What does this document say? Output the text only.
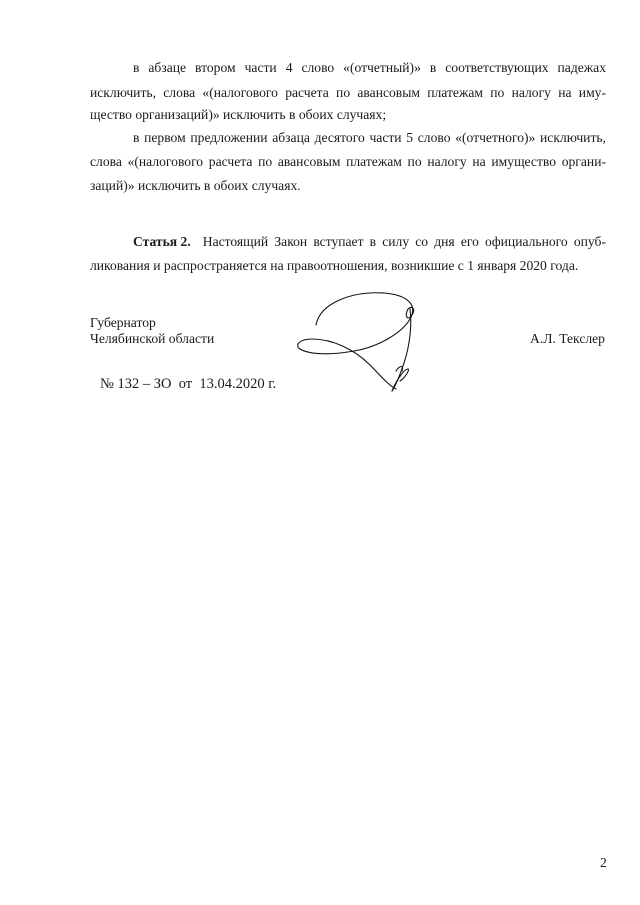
в абзаце втором части 4 слово «(отчетный)» в соответствующих падежах
исключить, слова «(налогового расчета по авансовым платежам по налогу на иму-
щество организаций)» исключить в обоих случаях;
в первом предложении абзаца десятого части 5 слово «(отчетного)» исключить,
слова «(налогового расчета по авансовым платежам по налогу на имущество органи-
заций)» исключить в обоих случаях.
Статья 2. Настоящий Закон вступает в силу со дня его официального опуб-
ликования и распространяется на правоотношения, возникшие с 1 января 2020 года.
Губернатор
Челябинской области	А.Л. Текслер
№ 132 – ЗО  от  13.04.2020 г.
2
